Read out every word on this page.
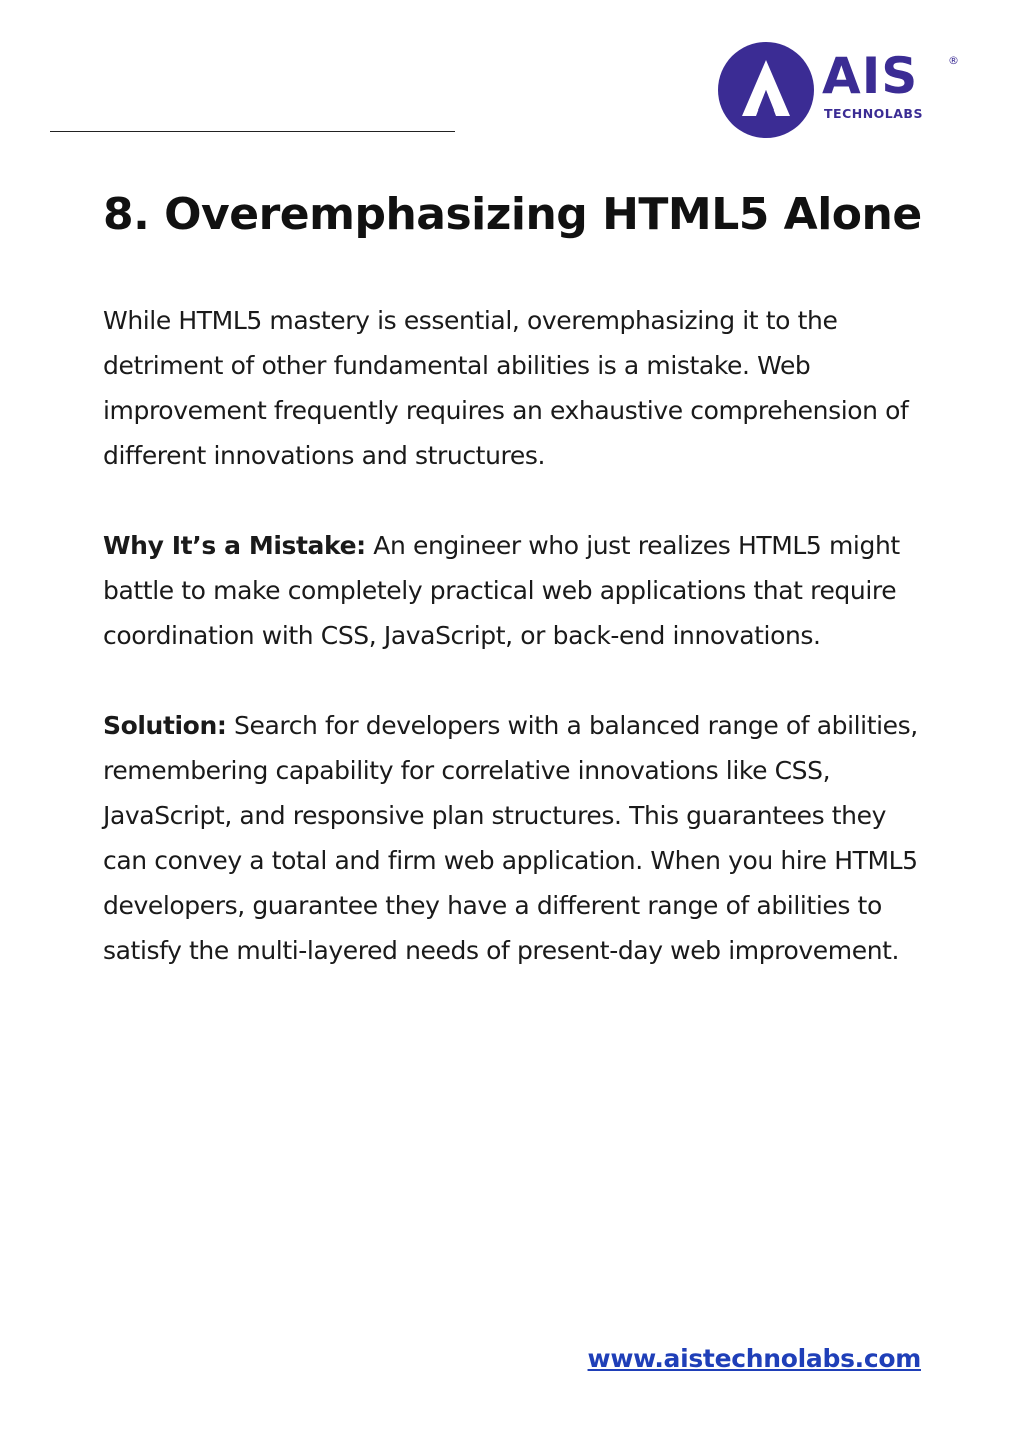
AIS	®
TECHNOLABS
8. Overemphasizing HTML5 Alone

While HTML5 mastery is essential, overemphasizing it to the detriment of other fundamental abilities is a mistake. Web improvement frequently requires an exhaustive comprehension of different innovations and structures.

Why It’s a Mistake: An engineer who just realizes HTML5 might battle to make completely practical web applications that require coordination with CSS, JavaScript, or back-end innovations.

Solution: Search for developers with a balanced range of abilities, remembering capability for correlative innovations like CSS, JavaScript, and responsive plan structures. This guarantees they can convey a total and firm web application. When you hire HTML5 developers, guarantee they have a different range of abilities to satisfy the multi-layered needs of present-day web improvement.

www.aistechnolabs.com
